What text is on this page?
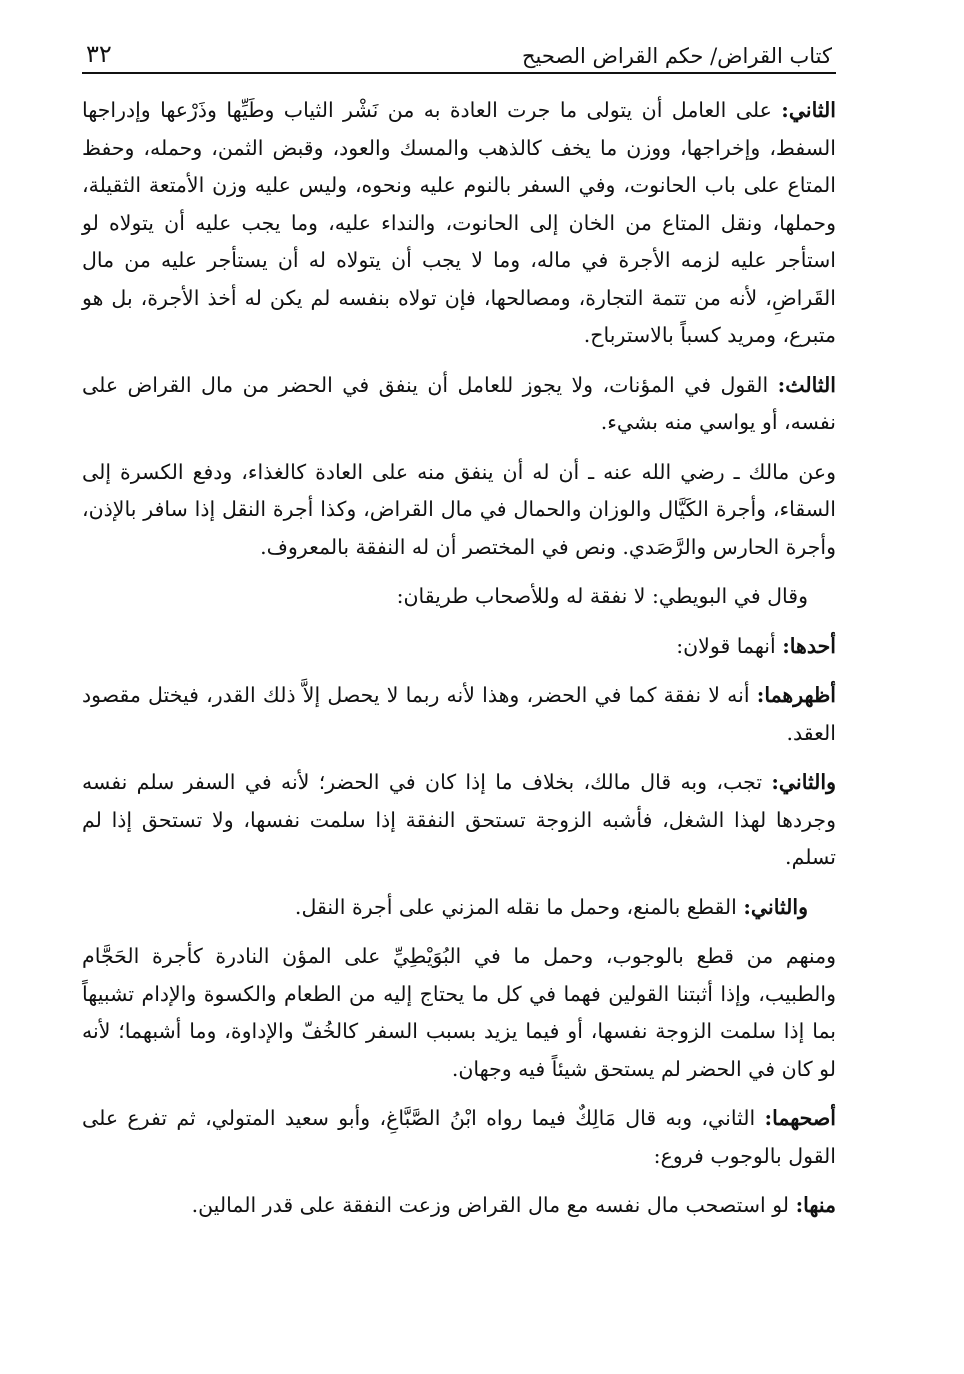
كتاب القراض/ حكم القراض الصحيح
٣٢

الثاني: على العامل أن يتولى ما جرت العادة به من نَشْر الثياب وطَيِّها وذَرْعها وإدراجها السفط، وإخراجها، ووزن ما يخف كالذهب والمسك والعود، وقبض الثمن، وحمله، وحفظ المتاع على باب الحانوت، وفي السفر بالنوم عليه ونحوه، وليس عليه وزن الأمتعة الثقيلة، وحملها، ونقل المتاع من الخان إلى الحانوت، والنداء عليه، وما يجب عليه أن يتولاه لو استأجر عليه لزمه الأجرة في ماله، وما لا يجب أن يتولاه له أن يستأجر عليه من مال القَراضِ، لأنه من تتمة التجارة، ومصالحها، فإن تولاه بنفسه لم يكن له أخذ الأجرة، بل هو متبرع، ومريد كسباً بالاسترباح.

الثالث: القول في المؤنات، ولا يجوز للعامل أن ينفق في الحضر من مال القراض على نفسه، أو يواسي منه بشيء.

وعن مالك ـ رضي الله عنه ـ أن له أن ينفق منه على العادة كالغذاء، ودفع الكسرة إلى السقاء، وأجرة الكَيَّال والوزان والحمال في مال القراض، وكذا أجرة النقل إذا سافر بالإذن، وأجرة الحارس والرَّصَدي. ونص في المختصر أن له النفقة بالمعروف.

وقال في البويطي: لا نفقة له وللأصحاب طريقان:

أحدها: أنهما قولان:

أظهرهما: أنه لا نفقة كما في الحضر، وهذا لأنه ربما لا يحصل إلاَّ ذلك القدر، فيختل مقصود العقد.

والثاني: تجب، وبه قال مالك، بخلاف ما إذا كان في الحضر؛ لأنه في السفر سلم نفسه وجردها لهذا الشغل، فأشبه الزوجة تستحق النفقة إذا سلمت نفسها، ولا تستحق إذا لم تسلم.

والثاني: القطع بالمنع، وحمل ما نقله المزني على أجرة النقل.

ومنهم من قطع بالوجوب، وحمل ما في البُوَيْطِيِّ على المؤن النادرة كأجرة الحَجَّام والطبيب، وإذا أثبتنا القولين فهما في كل ما يحتاج إليه من الطعام والكسوة والإدام تشبيهاً بما إذا سلمت الزوجة نفسها، أو فيما يزيد بسبب السفر كالخُفّ والإداوة، وما أشبهما؛ لأنه لو كان في الحضر لم يستحق شيئاً فيه وجهان.

أصحهما: الثاني، وبه قال مَالِكٌ فيما رواه ابْنُ الصَّبَّاغِ، وأبو سعيد المتولي، ثم تفرع على القول بالوجوب فروع:

منها: لو استصحب مال نفسه مع مال القراض وزعت النفقة على قدر المالين.
